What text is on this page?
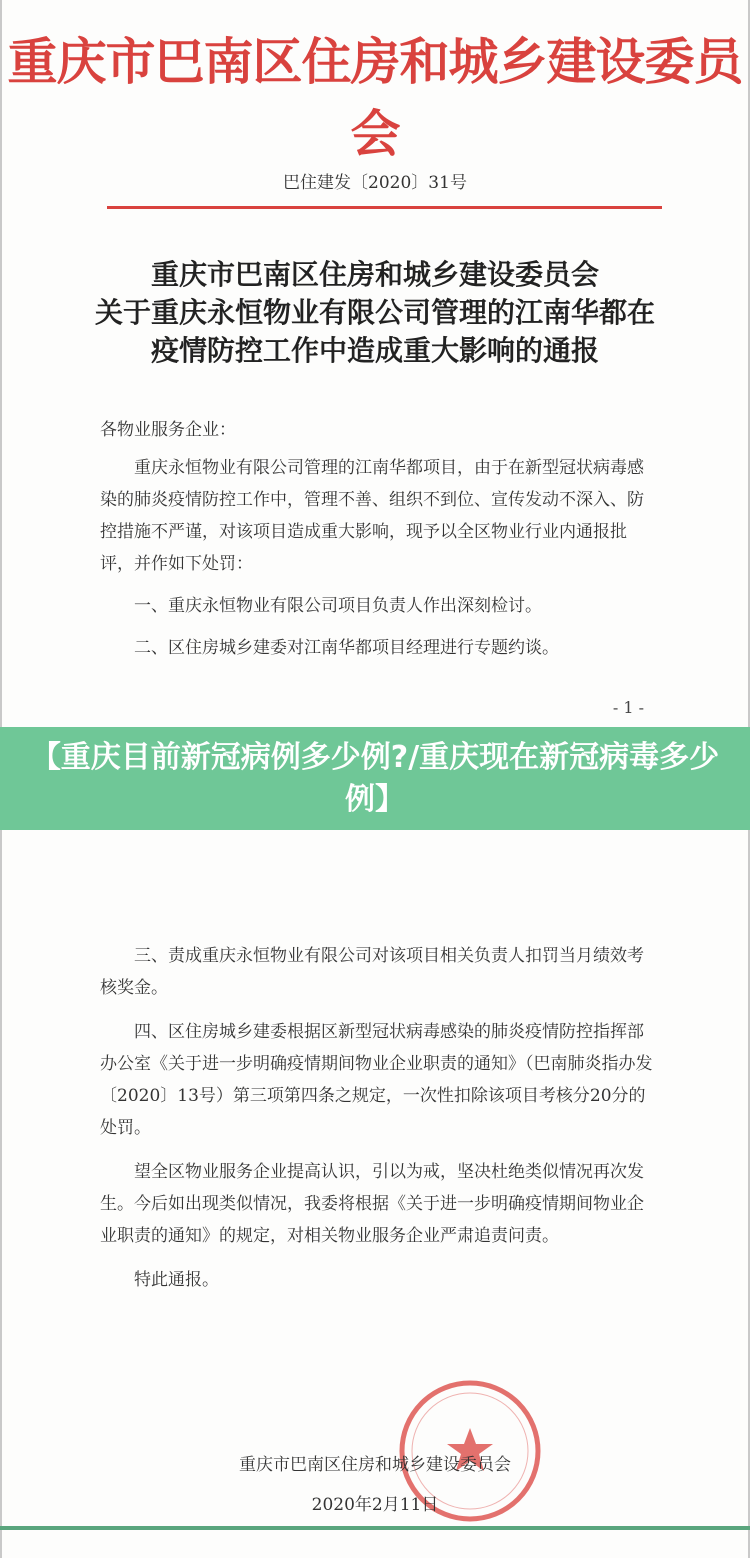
重庆市巴南区住房和城乡建设委员会
巴住建发〔2020〕31号
重庆市巴南区住房和城乡建设委员会
关于重庆永恒物业有限公司管理的江南华都在
疫情防控工作中造成重大影响的通报

各物业服务企业：

重庆永恒物业有限公司管理的江南华都项目，由于在新型冠状病毒感染的肺炎疫情防控工作中，管理不善、组织不到位、宣传发动不深入、防控措施不严谨，对该项目造成重大影响，现予以全区物业行业内通报批评，并作如下处罚：

一、重庆永恒物业有限公司项目负责人作出深刻检讨。

二、区住房城乡建委对江南华都项目经理进行专题约谈。

- 1 -
【重庆目前新冠病例多少例?/重庆现在新冠病毒多少例】

三、责成重庆永恒物业有限公司对该项目相关负责人扣罚当月绩效考核奖金。

四、区住房城乡建委根据区新型冠状病毒感染的肺炎疫情防控指挥部办公室《关于进一步明确疫情期间物业企业职责的通知》（巴南肺炎指办发〔2020〕13号）第三项第四条之规定，一次性扣除该项目考核分20分的处罚。

望全区物业服务企业提高认识，引以为戒，坚决杜绝类似情况再次发生。今后如出现类似情况，我委将根据《关于进一步明确疫情期间物业企业职责的通知》的规定，对相关物业服务企业严肃追责问责。

特此通报。

重庆市巴南区住房和城乡建设委员会
2020年2月11日
